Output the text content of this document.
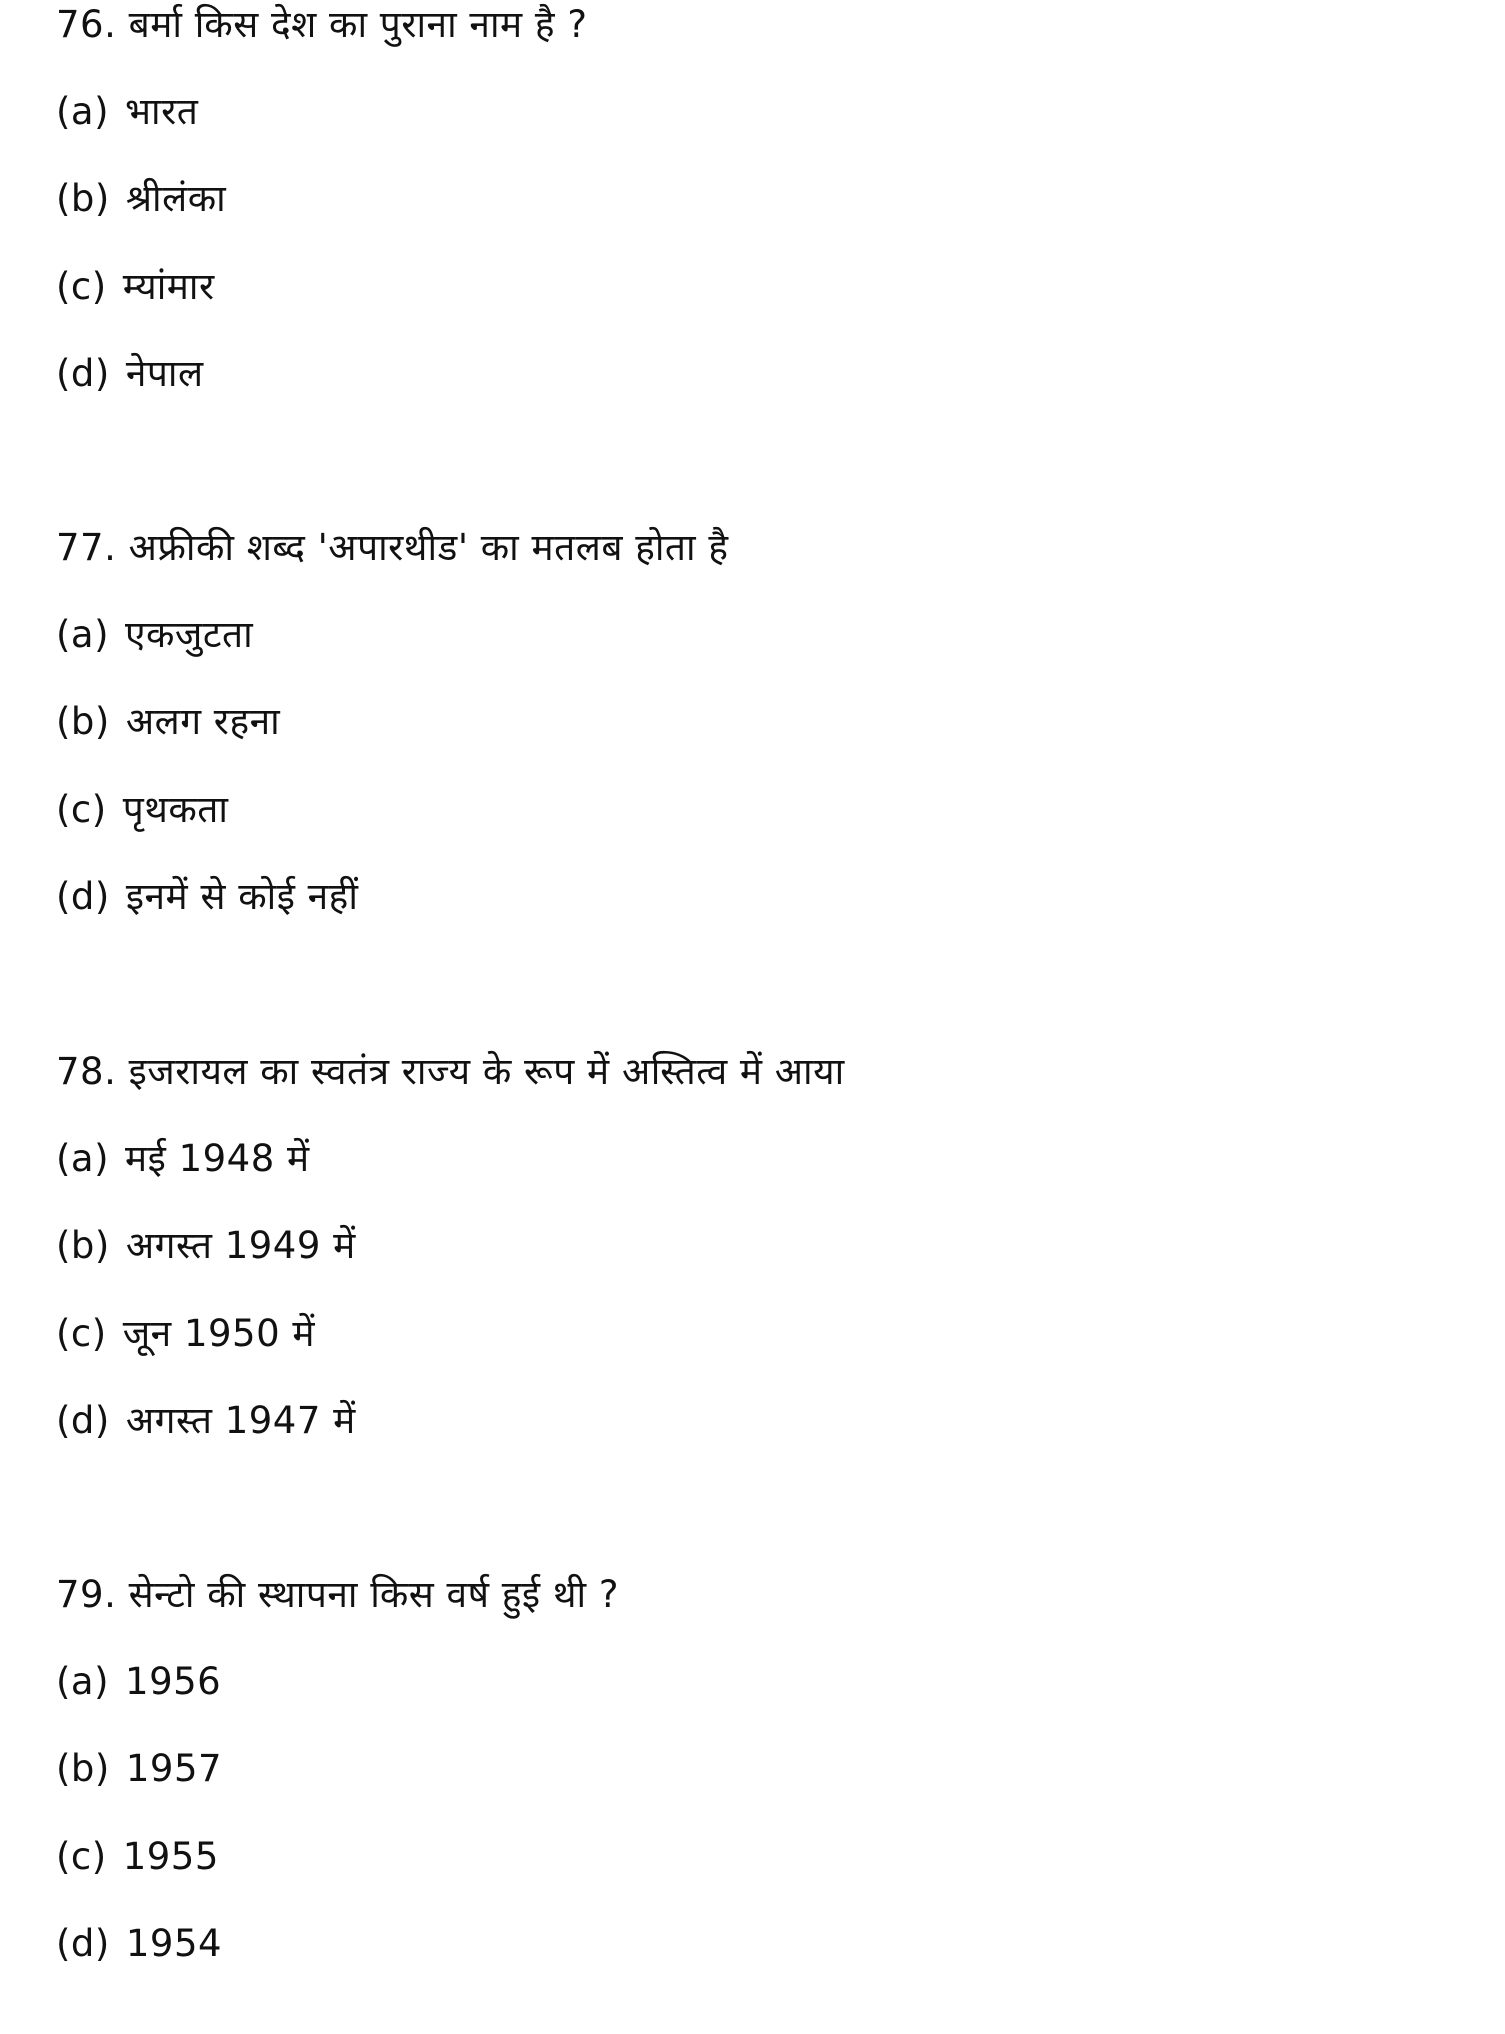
76. बर्मा किस देश का पुराना नाम है ?
(a) भारत
(b) श्रीलंका
(c) म्यांमार
(d) नेपाल
77. अफ्रीकी शब्द 'अपारथीड' का मतलब होता है
(a) एकजुटता
(b) अलग रहना
(c) पृथकता
(d) इनमें से कोई नहीं
78. इजरायल का स्वतंत्र राज्य के रूप में अस्तित्व में आया
(a) मई 1948 में
(b) अगस्त 1949 में
(c) जून 1950 में
(d) अगस्त 1947 में
79. सेन्टो की स्थापना किस वर्ष हुई थी ?
(a) 1956
(b) 1957
(c) 1955
(d) 1954
